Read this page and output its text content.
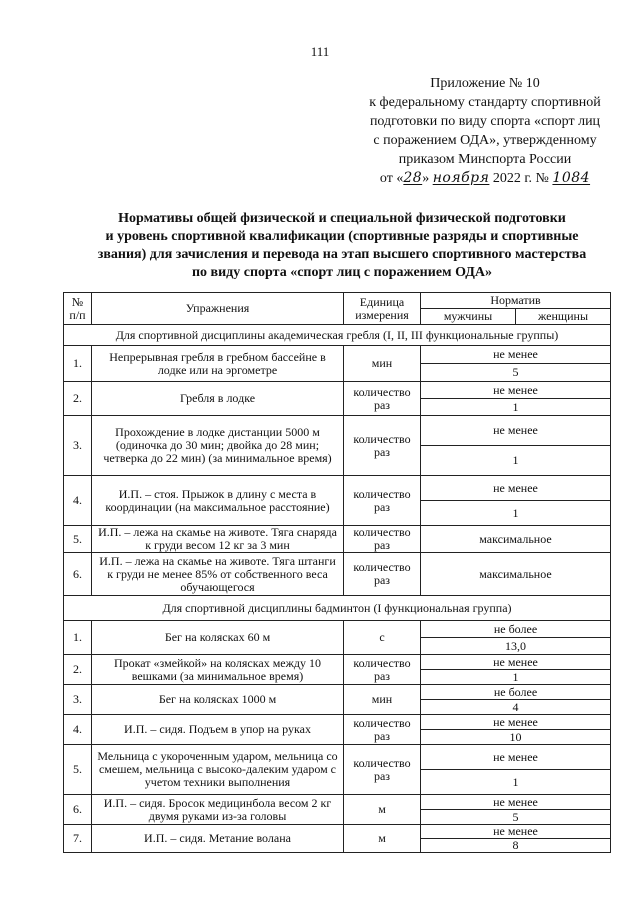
111
Приложение № 10
к федеральному стандарту спортивной
подготовки по виду спорта «спорт лиц
с поражением ОДА», утвержденному
приказом Минспорта России
от «28» ноября 2022 г. № 1084
Нормативы общей физической и специальной физической подготовки
и уровень спортивной квалификации (спортивные разряды и спортивные
звания) для зачисления и перевода на этап высшего спортивного мастерства
по виду спорта «спорт лиц с поражением ОДА»
№ п/п	Упражнения	Единица измерения	Норматив	
			мужчины	женщины
Для спортивной дисциплины академическая гребля (I, II, III функциональные группы)				
1.	Непрерывная гребля в гребном бассейне в лодке или на эргометре	мин	не менее	
			5	
2.	Гребля в лодке	количество раз	не менее	
			1	
3.	Прохождение в лодке дистанции 5000 м (одиночка до 30 мин; двойка до 28 мин; четверка до 22 мин) (за минимальное время)	количество раз	не менее	
			1	
4.	И.П. – стоя. Прыжок в длину с места в координации (на максимальное расстояние)	количество раз	не менее	
			1	
5.	И.П. – лежа на скамье на животе. Тяга снаряда к груди весом 12 кг за 3 мин	количество раз	максимальное	
6.	И.П. – лежа на скамье на животе. Тяга штанги к груди не менее 85% от собственного веса обучающегося	количество раз	максимальное	
Для спортивной дисциплины бадминтон (I функциональная группа)				
1.	Бег на колясках 60 м	с	не более	
			13,0	
2.	Прокат «змейкой» на колясках между 10 вешками (за минимальное время)	количество раз	не менее	
			1	
3.	Бег на колясках 1000 м	мин	не более	
			4	
4.	И.П. – сидя. Подъем в упор на руках	количество раз	не менее	
			10	
5.	Мельница с укороченным ударом, мельница со смешем, мельница с высоко-далеким ударом с учетом техники выполнения	количество раз	не менее	
			1	
6.	И.П. – сидя. Бросок медицинбола весом 2 кг двумя руками из-за головы	м	не менее	
			5	
7.	И.П. – сидя. Метание волана	м	не менее	
			8	
